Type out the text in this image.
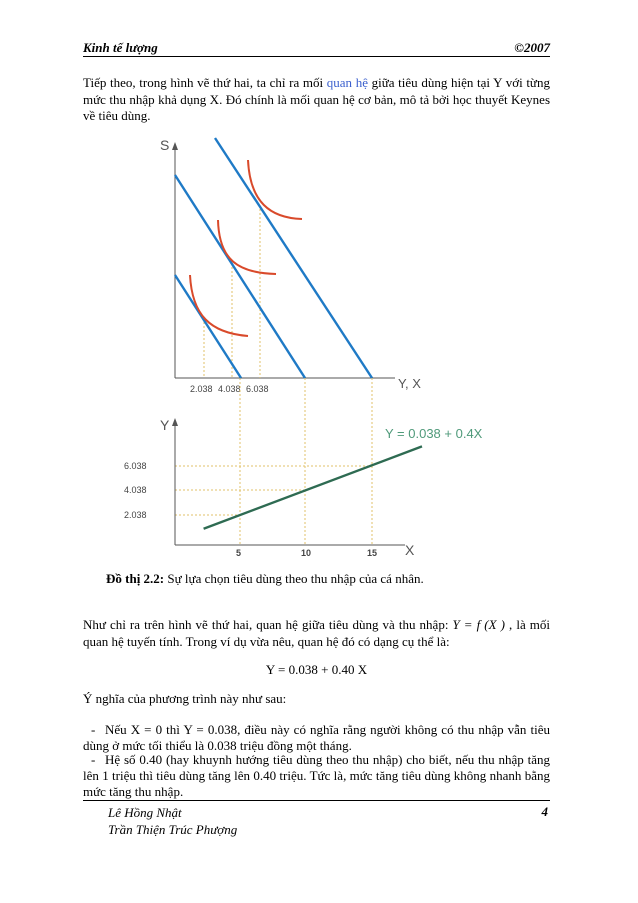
Kinh tế lượng	©2007
Tiếp theo, trong hình vẽ thứ hai, ta chỉ ra mối quan hệ giữa tiêu dùng hiện tại Y với từng mức thu nhập khả dụng X. Đó chính là mối quan hệ cơ bản, mô tả bởi học thuyết Keynes về tiêu dùng.
S
Y, X
2.038 4.038 6.038
Y
X
Y = 0.038 + 0.4X
6.038
4.038
2.038
5	10	15
Đồ thị 2.2: Sự lựa chọn tiêu dùng theo thu nhập của cá nhân.
Như chỉ ra trên hình vẽ thứ hai, quan hệ giữa tiêu dùng và thu nhập: Y = f (X ) , là mối quan hệ tuyến tính. Trong ví dụ vừa nêu, quan hệ đó có dạng cụ thể là:
Y = 0.038 + 0.40 X
Ý nghĩa của phương trình này như sau:
- Nếu X = 0 thì Y = 0.038, điều này có nghĩa rằng người không có thu nhập vẫn tiêu dùng ở mức tối thiểu là 0.038 triệu đồng một tháng.
- Hệ số 0.40 (hay khuynh hướng tiêu dùng theo thu nhập) cho biết, nếu thu nhập tăng lên 1 triệu thì tiêu dùng tăng lên 0.40 triệu. Tức là, mức tăng tiêu dùng không nhanh bằng mức tăng thu nhập.
Lê Hồng Nhật
Trần Thiện Trúc Phượng
4
